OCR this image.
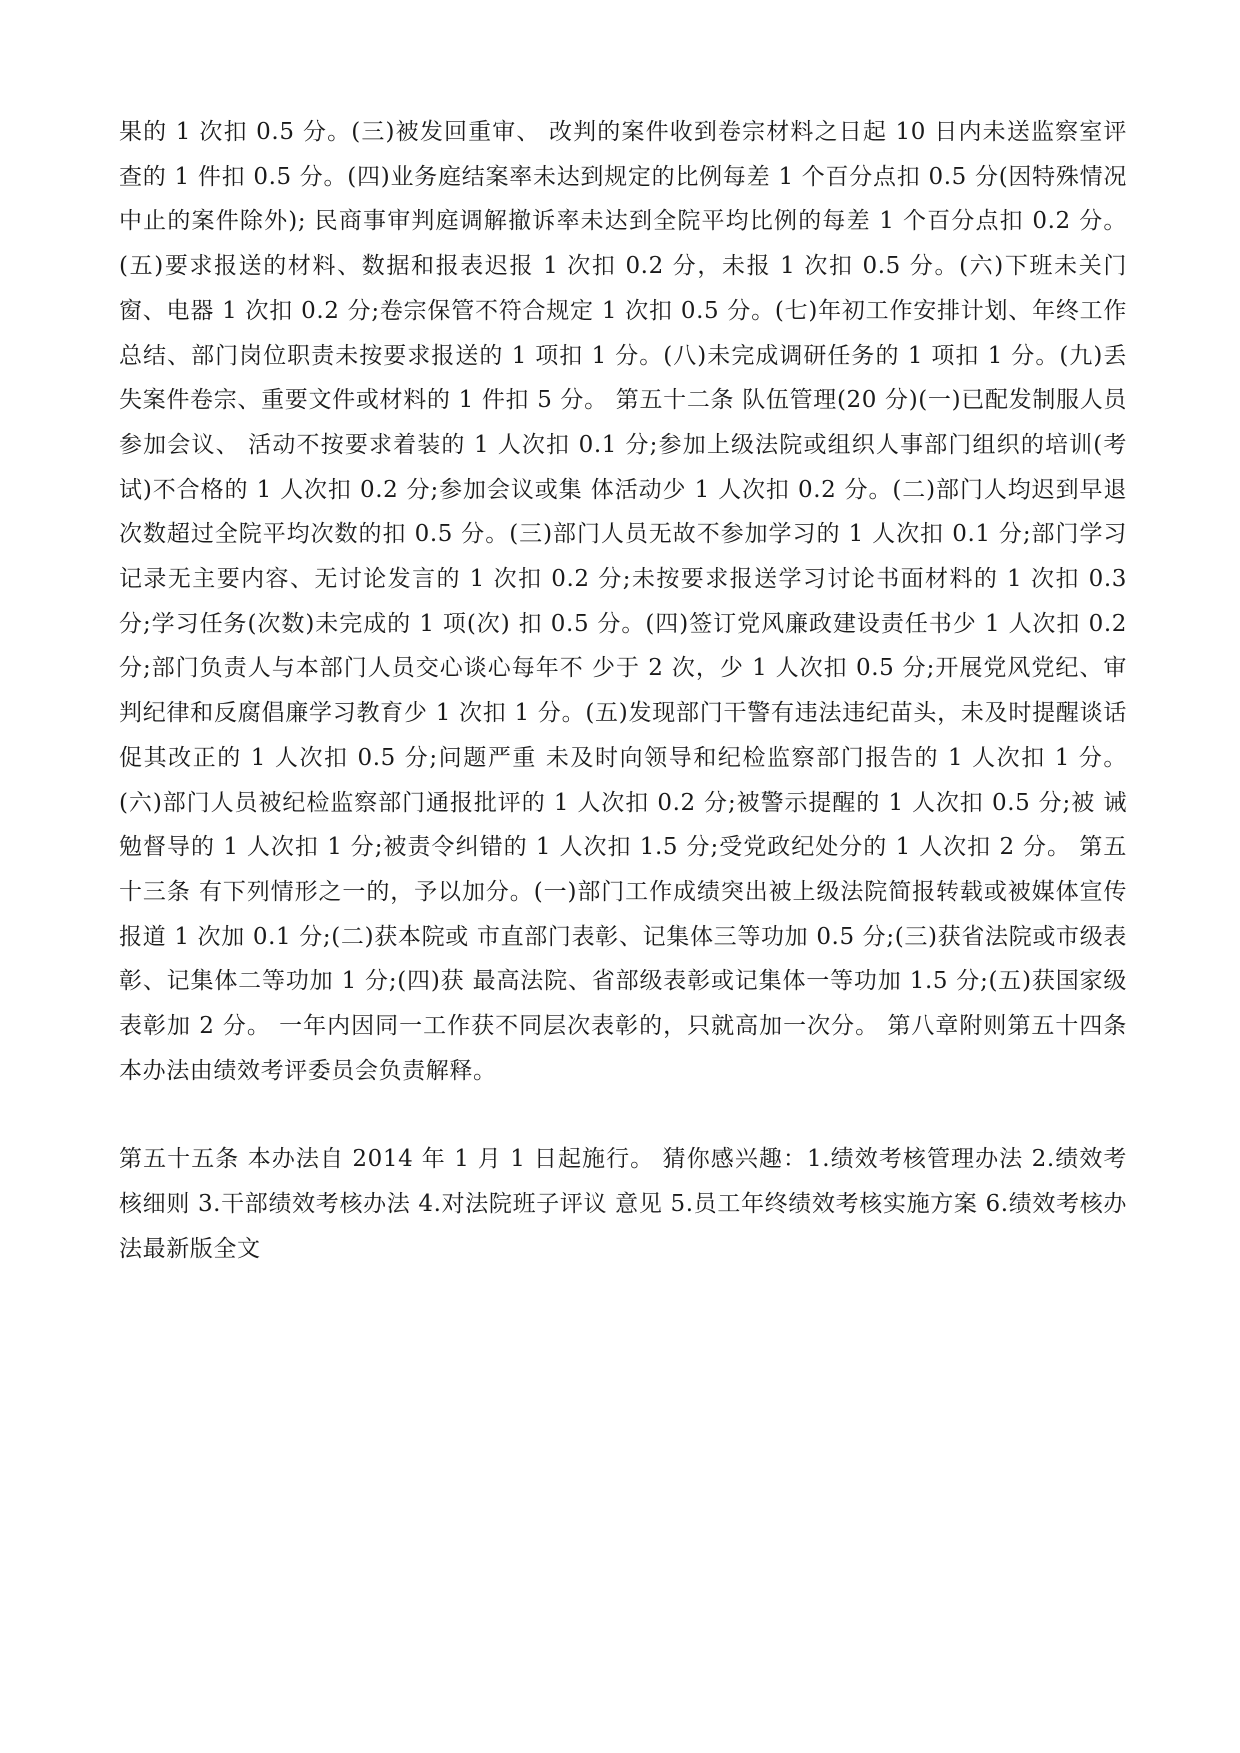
果的 1 次扣 0.5 分。(三)被发回重审、 改判的案件收到卷宗材料之日起 10 日内未送监察室评查的 1 件扣 0.5 分。(四)业务庭结案率未达到规定的比例每差 1 个百分点扣 0.5 分(因特殊情况中止的案件除外); 民商事审判庭调解撤诉率未达到全院平均比例的每差 1 个百分点扣 0.2 分。(五)要求报送的材料、数据和报表迟报 1 次扣 0.2 分，未报 1 次扣 0.5 分。(六)下班未关门窗、电器 1 次扣 0.2 分;卷宗保管不符合规定 1 次扣 0.5 分。(七)年初工作安排计划、年终工作总结、部门岗位职责未按要求报送的 1 项扣 1 分。(八)未完成调研任务的 1 项扣 1 分。(九)丢失案件卷宗、重要文件或材料的 1 件扣 5 分。 第五十二条 队伍管理(20 分)(一)已配发制服人员参加会议、 活动不按要求着装的 1 人次扣 0.1 分;参加上级法院或组织人事部门组织的培训(考试)不合格的 1 人次扣 0.2 分;参加会议或集 体活动少 1 人次扣 0.2 分。(二)部门人均迟到早退次数超过全院平均次数的扣 0.5 分。(三)部门人员无故不参加学习的 1 人次扣 0.1 分;部门学习记录无主要内容、无讨论发言的 1 次扣 0.2 分;未按要求报送学习讨论书面材料的 1 次扣 0.3 分;学习任务(次数)未完成的 1 项(次) 扣 0.5 分。(四)签订党风廉政建设责任书少 1 人次扣 0.2 分;部门负责人与本部门人员交心谈心每年不 少于 2 次，少 1 人次扣 0.5 分;开展党风党纪、审判纪律和反腐倡廉学习教育少 1 次扣 1 分。(五)发现部门干警有违法违纪苗头，未及时提醒谈话促其改正的 1 人次扣 0.5 分;问题严重 未及时向领导和纪检监察部门报告的 1 人次扣 1 分。(六)部门人员被纪检监察部门通报批评的 1 人次扣 0.2 分;被警示提醒的 1 人次扣 0.5 分;被 诫勉督导的 1 人次扣 1 分;被责令纠错的 1 人次扣 1.5 分;受党政纪处分的 1 人次扣 2 分。 第五十三条 有下列情形之一的，予以加分。(一)部门工作成绩突出被上级法院简报转载或被媒体宣传报道 1 次加 0.1 分;(二)获本院或 市直部门表彰、记集体三等功加 0.5 分;(三)获省法院或市级表彰、记集体二等功加 1 分;(四)获 最高法院、省部级表彰或记集体一等功加 1.5 分;(五)获国家级表彰加 2 分。 一年内因同一工作获不同层次表彰的，只就高加一次分。 第八章附则第五十四条 本办法由绩效考评委员会负责解释。

第五十五条 本办法自 2014 年 1 月 1 日起施行。 猜你感兴趣：1.绩效考核管理办法 2.绩效考核细则 3.干部绩效考核办法 4.对法院班子评议 意见 5.员工年终绩效考核实施方案 6.绩效考核办法最新版全文
